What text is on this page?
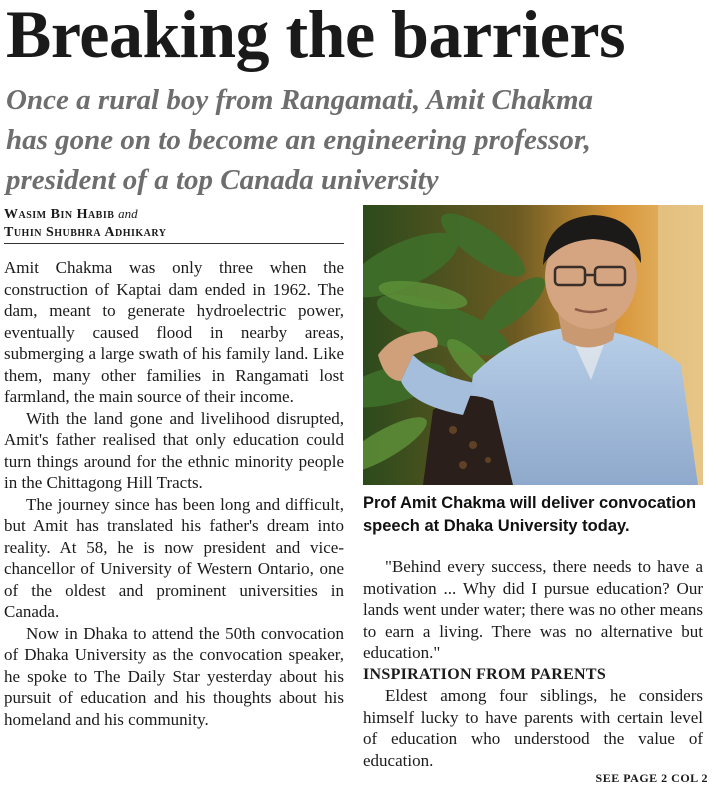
Breaking the barriers
Once a rural boy from Rangamati, Amit Chakma
has gone on to become an engineering professor,
president of a top Canada university
Wasim Bin Habib and
Tuhin Shubhra Adhikary

Amit Chakma was only three when the construction of Kaptai dam ended in 1962. The dam, meant to generate hydroelectric power, eventually caused flood in nearby areas, submerging a large swath of his family land. Like them, many other families in Rangamati lost farmland, the main source of their income.

With the land gone and livelihood disrupted, Amit's father realised that only education could turn things around for the ethnic minority people in the Chittagong Hill Tracts.

The journey since has been long and difficult, but Amit has translated his father's dream into reality. At 58, he is now president and vice-chancellor of University of Western Ontario, one of the oldest and prominent universities in Canada.

Now in Dhaka to attend the 50th convocation of Dhaka University as the convocation speaker, he spoke to The Daily Star yesterday about his pursuit of education and his thoughts about his homeland and his community.

Prof Amit Chakma will deliver convocation
speech at Dhaka University today.

"Behind every success, there needs to have a motivation ... Why did I pursue education? Our lands went under water; there was no other means to earn a living. There was no alternative but education."

INSPIRATION FROM PARENTS

Eldest among four siblings, he considers himself lucky to have parents with certain level of education who understood the value of education.

SEE PAGE 2 COL 2
